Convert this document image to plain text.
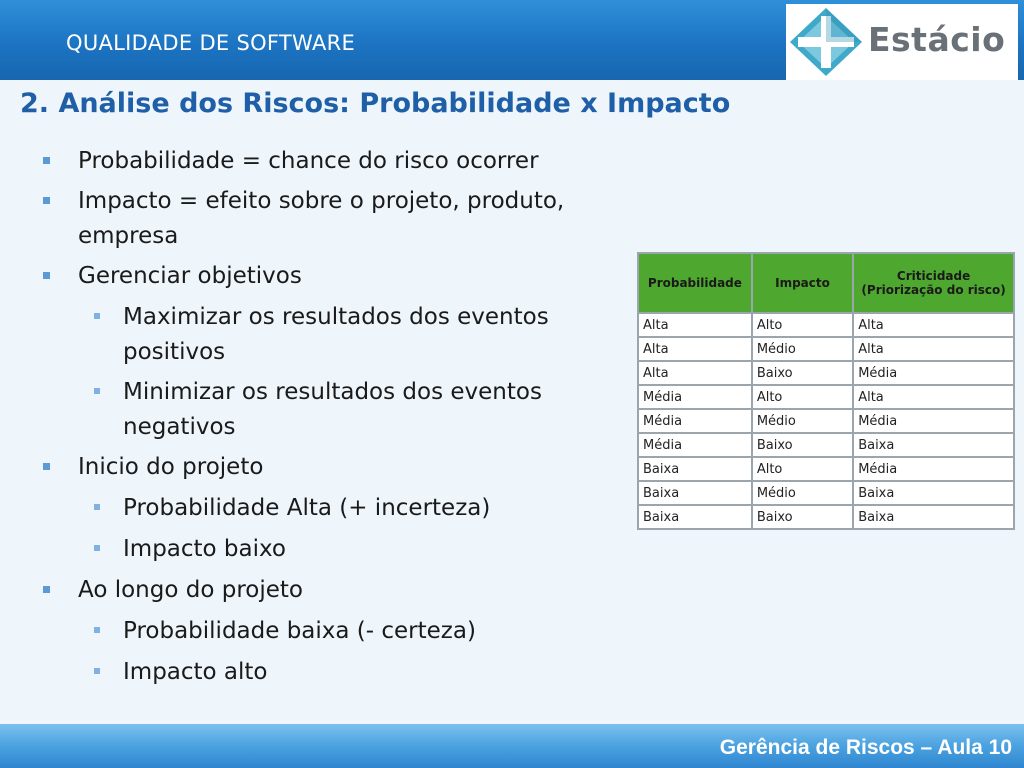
QUALIDADE DE SOFTWARE	Estácio
2. Análise dos Riscos: Probabilidade x Impacto
Probabilidade = chance do risco ocorrer
Impacto = efeito sobre o projeto, produto, empresa
Gerenciar objetivos
Maximizar os resultados dos eventos positivos
Minimizar os resultados dos eventos negativos
Inicio do projeto
Probabilidade Alta (+ incerteza)
Impacto baixo
Ao longo do projeto
Probabilidade baixa (- certeza)
Impacto alto
Probabilidade	Impacto	Criticidade (Priorização do risco)
Alta	Alto	Alta
Alta	Médio	Alta
Alta	Baixo	Média
Média	Alto	Alta
Média	Médio	Média
Média	Baixo	Baixa
Baixa	Alto	Média
Baixa	Médio	Baixa
Baixa	Baixo	Baixa
Gerência de Riscos – Aula 10
